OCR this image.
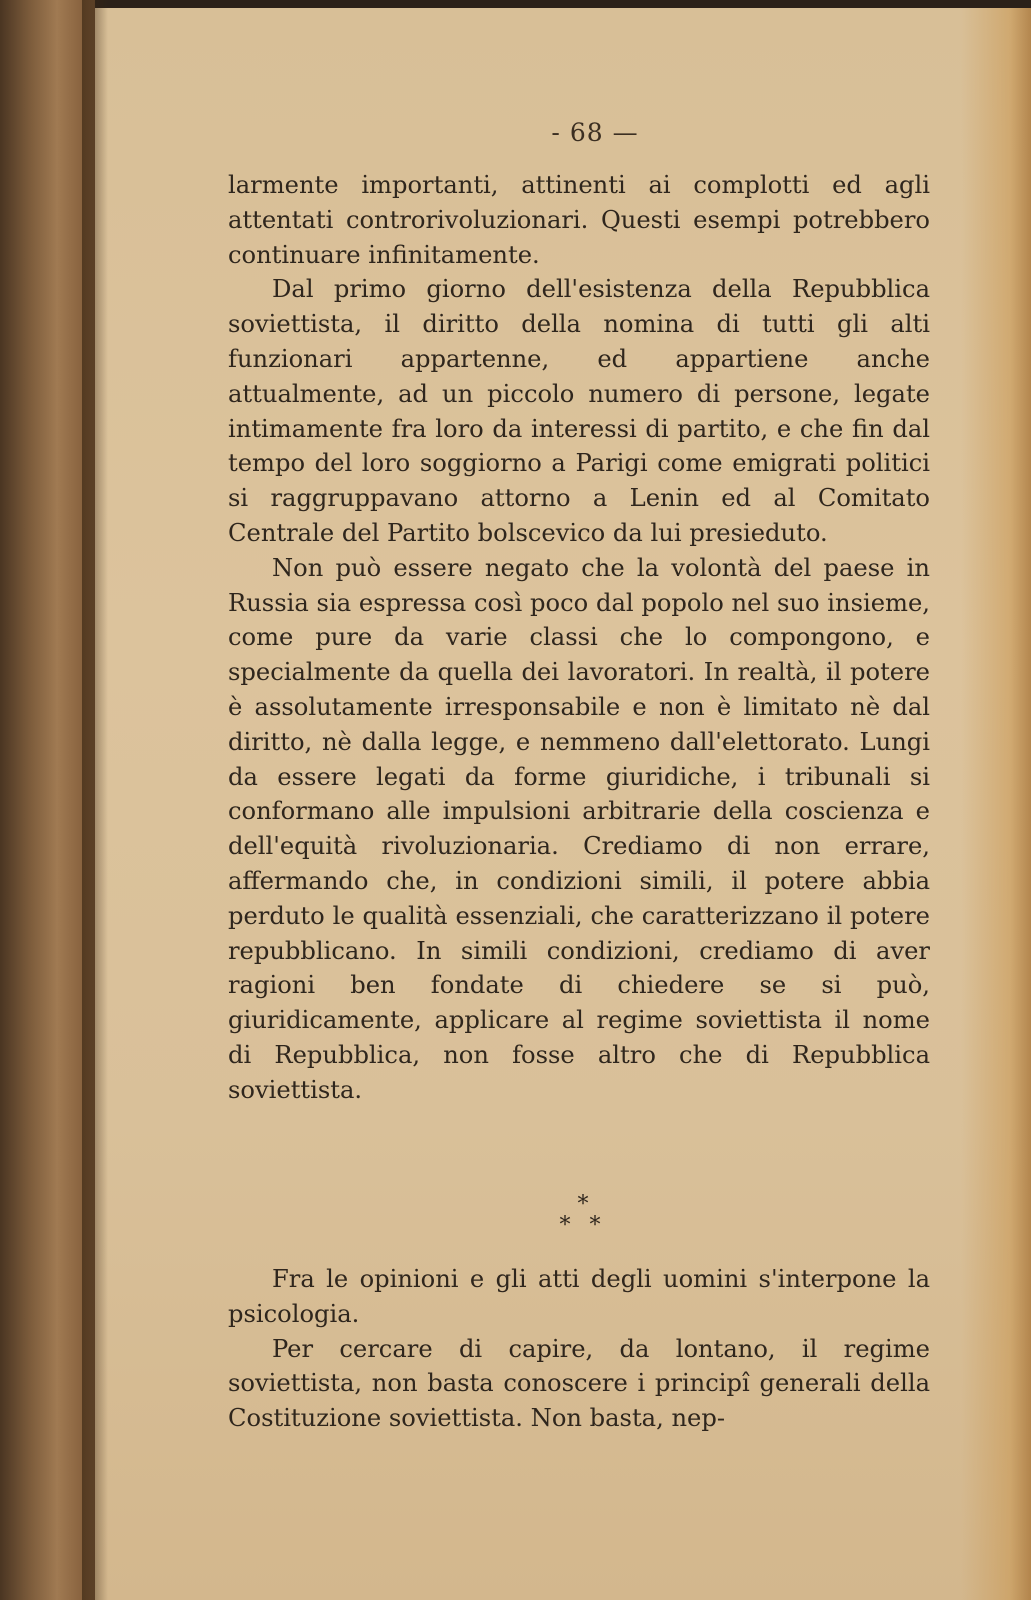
- 68 —

larmente importanti, attinenti ai complotti ed agli attentati controrivoluzionari. Questi esempi potrebbero continuare infinitamente.

Dal primo giorno dell'esistenza della Repubblica soviettista, il diritto della nomina di tutti gli alti funzionari appartenne, ed appartiene anche attualmente, ad un piccolo numero di persone, legate intimamente fra loro da interessi di partito, e che fin dal tempo del loro soggiorno a Parigi come emigrati politici si raggruppavano attorno a Lenin ed al Comitato Centrale del Partito bolscevico da lui presieduto.

Non può essere negato che la volontà del paese in Russia sia espressa così poco dal popolo nel suo insieme, come pure da varie classi che lo compongono, e specialmente da quella dei lavoratori. In realtà, il potere è assolutamente irresponsabile e non è limitato nè dal diritto, nè dalla legge, e nemmeno dall'elettorato. Lungi da essere legati da forme giuridiche, i tribunali si conformano alle impulsioni arbitrarie della coscienza e dell'equità rivoluzionaria. Crediamo di non errare, affermando che, in condizioni simili, il potere abbia perduto le qualità essenziali, che caratterizzano il potere repubblicano. In simili condizioni, crediamo di aver ragioni ben fondate di chiedere se si può, giuridicamente, applicare al regime soviettista il nome di Repubblica, non fosse altro che di Repubblica soviettista.

*
* *

Fra le opinioni e gli atti degli uomini s'interpone la psicologia.

Per cercare di capire, da lontano, il regime soviettista, non basta conoscere i principî generali della Costituzione soviettista. Non basta, nep-
